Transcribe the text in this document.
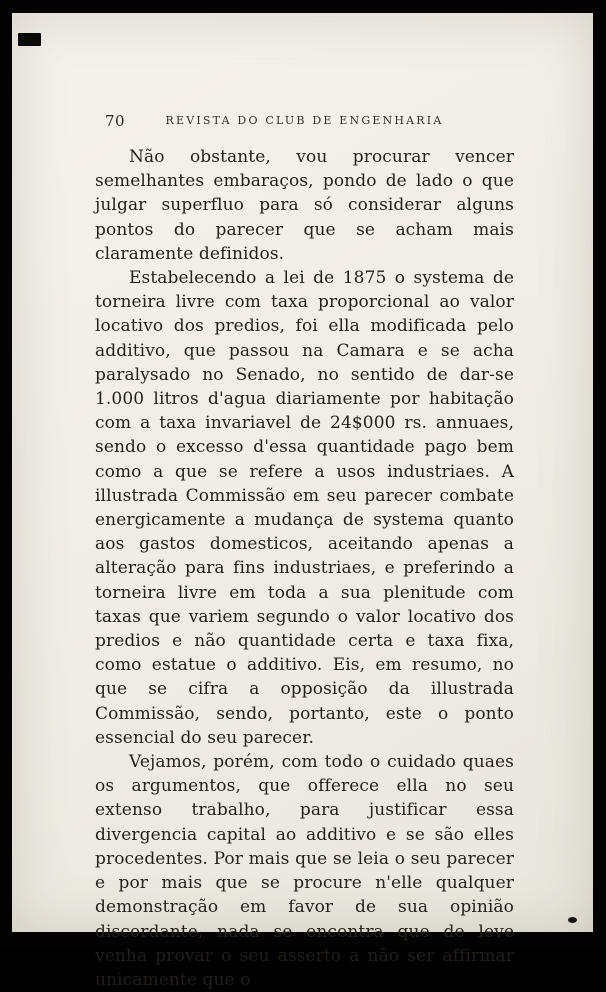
70	REVISTA DO CLUB DE ENGENHARIA

Não obstante, vou procurar vencer semelhantes embaraços, pondo de lado o que julgar superfluo para só considerar alguns pontos do parecer que se acham mais claramente definidos.

Estabelecendo a lei de 1875 o systema de torneira livre com taxa proporcional ao valor locativo dos predios, foi ella modificada pelo additivo, que passou na Camara e se acha paralysado no Senado, no sentido de dar-se 1.000 litros d'agua diariamente por habitação com a taxa invariavel de 24$000 rs. annuaes, sendo o excesso d'essa quantidade pago bem como a que se refere a usos industriaes. A illustrada Commissão em seu parecer combate energicamente a mudança de systema quanto aos gastos domesticos, aceitando apenas a alteração para fins industriaes, e preferindo a torneira livre em toda a sua plenitude com taxas que variem segundo o valor locativo dos predios e não quantidade certa e taxa fixa, como estatue o additivo. Eis, em resumo, no que se cifra a opposição da illustrada Commissão, sendo, portanto, este o ponto essencial do seu parecer.

Vejamos, porém, com todo o cuidado quaes os argumentos, que offerece ella no seu extenso trabalho, para justificar essa divergencia capital ao additivo e se são elles procedentes. Por mais que se leia o seu parecer e por mais que se procure n'elle qualquer demonstração em favor de sua opinião discordante, nada se encontra que de leve venha provar o seu asserto a não ser affirmar unicamente que o
